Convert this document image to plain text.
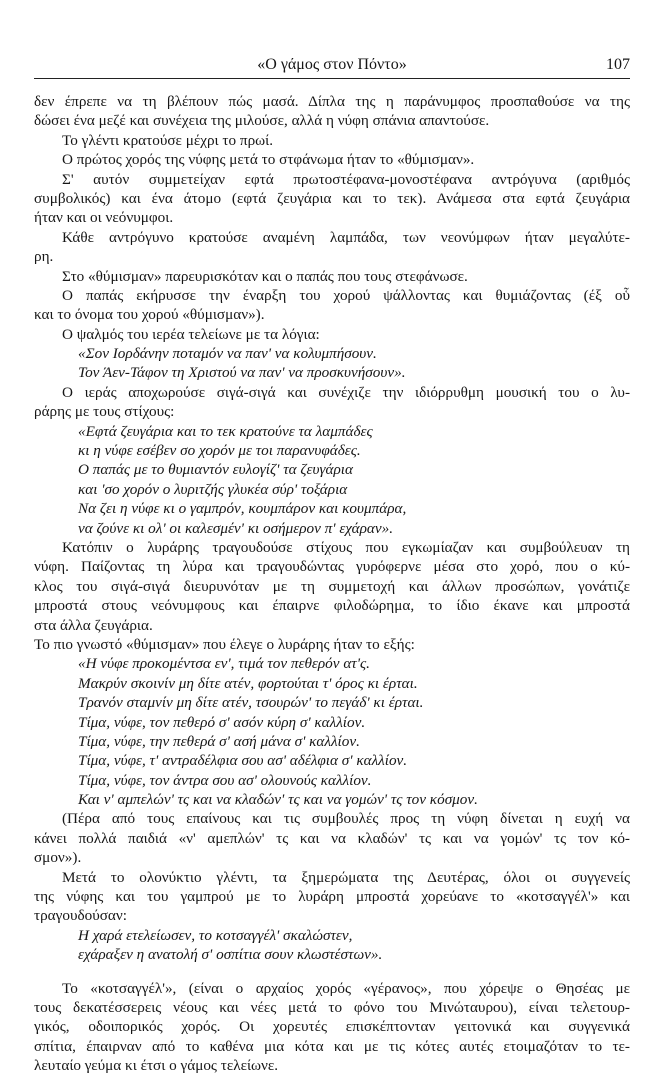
«Ο γάμος στον Πόντο»	107
δεν έπρεπε να τη βλέπουν πώς μασά. Δίπλα της η παράνυμφος προσπαθούσε να της
δώσει ένα μεζέ και συνέχεια της μιλούσε, αλλά η νύφη σπάνια απαντούσε.
Το γλέντι κρατούσε μέχρι το πρωί.
Ο πρώτος χορός της νύφης μετά το στφάνωμα ήταν το «θύμισμαν».
Σ' αυτόν συμμετείχαν εφτά πρωτοστέφανα-μονοστέφανα αντρόγυνα (αριθμός
συμβολικός) και ένα άτομο (εφτά ζευγάρια και το τεκ). Ανάμεσα στα εφτά ζευγάρια
ήταν και οι νεόνυμφοι.
Κάθε αντρόγυνο κρατούσε αναμένη λαμπάδα, των νεονύμφων ήταν μεγαλύτε-
ρη.
Στο «θύμισμαν» παρευρισκόταν και ο παπάς που τους στεφάνωσε.
Ο παπάς εκήρυσσε την έναρξη του χορού ψάλλοντας και θυμιάζοντας (έξ οὗ
και το όνομα του χορού «θύμισμαν»).
Ο ψαλμός του ιερέα τελείωνε με τα λόγια:
«Σον Ιορδάνην ποταμόν να παν' να κολυμπήσουν.
Τον Άεν-Τάφον τη Χριστού να παν' να προσκυνήσουν».
Ο ιεράς αποχωρούσε σιγά-σιγά και συνέχιζε την ιδιόρρυθμη μουσική του ο λυ-
ράρης με τους στίχους:
«Εφτά ζευγάρια και το τεκ κρατούνε τα λαμπάδες
κι η νύφε εσέβεν σο χορόν με τοι παρανυφάδες.
Ο παπάς με το θυμιαντόν ευλογίζ' τα ζευγάρια
και 'σο χορόν ο λυριτζής γλυκέα σύρ' τοξάρια
Να ζει η νύφε κι ο γαμπρόν, κουμπάρον και κουμπάρα,
να ζούνε κι ολ' οι καλεσμέν' κι οσήμερον π' εχάραν».
Κατόπιν ο λυράρης τραγουδούσε στίχους που εγκωμίαζαν και συμβούλευαν τη
νύφη. Παίζοντας τη λύρα και τραγουδώντας γυρόφερνε μέσα στο χορό, που ο κύ-
κλος του σιγά-σιγά διευρυνόταν με τη συμμετοχή και άλλων προσώπων, γονάτιζε
μπροστά στους νεόνυμφους και έπαιρνε φιλοδώρημα, το ίδιο έκανε και μπροστά
στα άλλα ζευγάρια.
Το πιο γνωστό «θύμισμαν» που έλεγε ο λυράρης ήταν το εξής:
«Η νύφε προκομέντσα εν', τιμά τον πεθερόν ατ'ς.
Μακρύν σκοινίν μη δίτε ατέν, φορτούται τ' όρος κι έρται.
Τρανόν σταμνίν μη δίτε ατέν, τσουρών' το πεγάδ' κι έρται.
Τίμα, νύφε, τον πεθερό σ' ασόν κύρη σ' καλλίον.
Τίμα, νύφε, την πεθερά σ' ασή μάνα σ' καλλίον.
Τίμα, νύφε, τ' αντραδέλφια σου ασ' αδέλφια σ' καλλίον.
Τίμα, νύφε, τον άντρα σου ασ' ολουνούς καλλίον.
Και ν' αμπελών' τς και να κλαδών' τς και να γομών' τς τον κόσμον.
(Πέρα από τους επαίνους και τις συμβουλές προς τη νύφη δίνεται η ευχή να
κάνει πολλά παιδιά «ν' αμεπλών' τς και να κλαδών' τς και να γομών' τς τον κό-
σμον»).
Μετά το ολονύκτιο γλέντι, τα ξημερώματα της Δευτέρας, όλοι οι συγγενείς
της νύφης και του γαμπρού με το λυράρη μπροστά χορεύανε το «κοτσαγγέλ'» και
τραγουδούσαν:
Η χαρά ετελείωσεν, το κοτσαγγέλ' σκαλώστεν,
εχάραξεν η ανατολή σ' οσπίτια σουν κλωστέστων».
Το «κοτσαγγέλ'», (είναι ο αρχαίος χορός «γέρανος», που χόρεψε ο Θησέας με
τους δεκατέσσερεις νέους και νέες μετά το φόνο του Μινώταυρου), είναι τελετουρ-
γικός, οδοιπορικός χορός. Οι χορευτές επισκέπτονταν γειτονικά και συγγενικά
σπίτια, έπαιρναν από το καθένα μια κότα και με τις κότες αυτές ετοιμαζόταν το τε-
λευταίο γεύμα κι έτσι ο γάμος τελείωνε.
